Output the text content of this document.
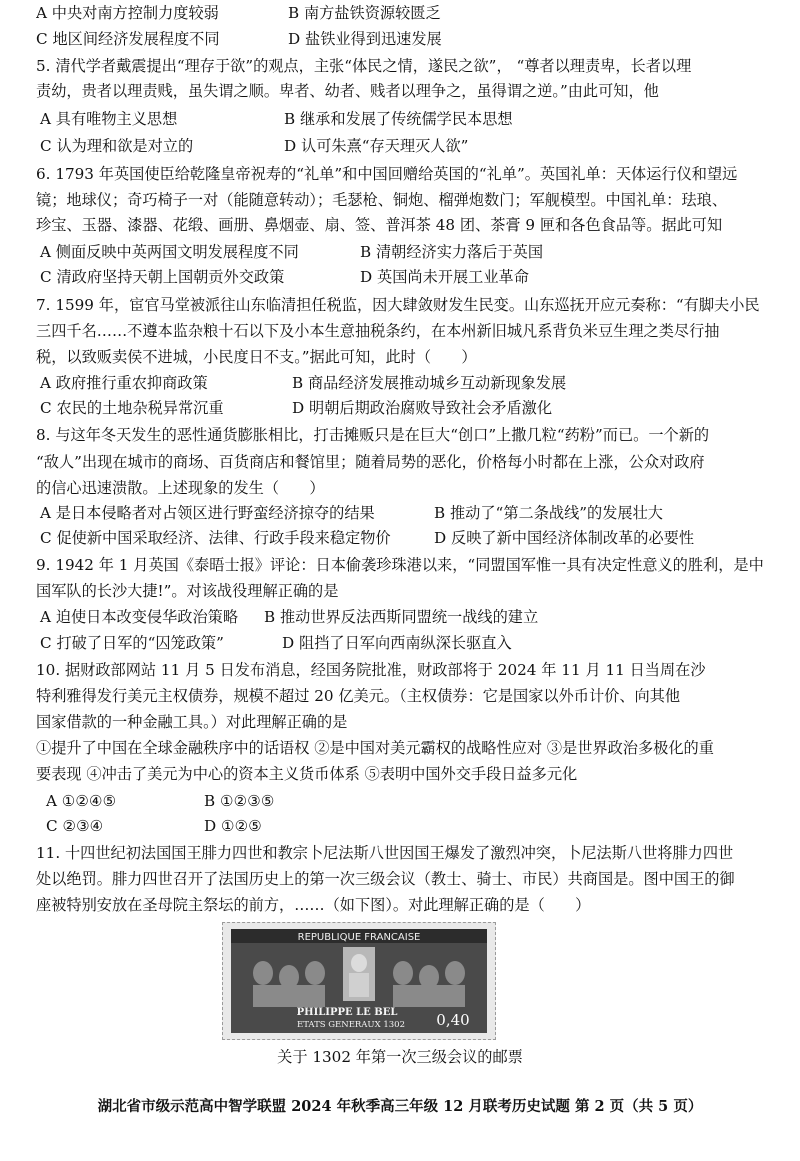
A 中央对南方控制力度较弱	B 南方盐铁资源较匮乏
C 地区间经济发展程度不同	D 盐铁业得到迅速发展
5. 清代学者戴震提出“理存于欲”的观点，主张“体民之情，遂民之欲”， “尊者以理责卑，长者以理
责幼，贵者以理责贱，虽失谓之顺。卑者、幼者、贱者以理争之，虽得谓之逆。”由此可知，他
A 具有唯物主义思想	B 继承和发展了传统儒学民本思想
C 认为理和欲是对立的	D 认可朱熹“存天理灭人欲”
6. 1793 年英国使臣给乾隆皇帝祝寿的“礼单”和中国回赠给英国的“礼单”。英国礼单：天体运行仪和望远
镜；地球仪；奇巧椅子一对（能随意转动）；毛瑟枪、铜炮、榴弹炮数门；军舰模型。中国礼单：珐琅、
珍宝、玉器、漆器、花缎、画册、鼻烟壶、扇、签、普洱茶 48 团、茶膏 9 匣和各色食品等。据此可知
A 侧面反映中英两国文明发展程度不同	B 清朝经济实力落后于英国
C 清政府坚持天朝上国朝贡外交政策	D 英国尚未开展工业革命
7. 1599 年，宦官马堂被派往山东临清担任税监，因大肆敛财发生民变。山东巡抚开应元奏称：“有脚夫小民
三四千名……不遵本监杂粮十石以下及小本生意抽税条约，在本州新旧城凡系背负米豆生理之类尽行抽
税，以致贩卖侯不进城，小民度日不支。”据此可知，此时（　　）
A 政府推行重农抑商政策	B 商品经济发展推动城乡互动新现象发展
C 农民的土地杂税异常沉重	D 明朝后期政治腐败导致社会矛盾激化
8. 与这年冬天发生的恶性通货膨胀相比，打击摊贩只是在巨大“创口”上撒几粒“药粉”而已。一个新的
“敌人”出现在城市的商场、百货商店和餐馆里；随着局势的恶化，价格每小时都在上涨，公众对政府
的信心迅速溃散。上述现象的发生（　　）
A 是日本侵略者对占领区进行野蛮经济掠夺的结果	B 推动了“第二条战线”的发展壮大
C 促使新中国采取经济、法律、行政手段来稳定物价	D 反映了新中国经济体制改革的必要性
9. 1942 年 1 月英国《泰晤士报》评论：日本偷袭珍珠港以来，“同盟国军惟一具有决定性意义的胜利，是中
国军队的长沙大捷!”。对该战役理解正确的是
A 迫使日本改变侵华政治策略 B 推动世界反法西斯同盟统一战线的建立
C 打破了日军的“囚笼政策”	D 阻挡了日军向西南纵深长驱直入
10. 据财政部网站 11 月 5 日发布消息，经国务院批准，财政部将于 2024 年 11 月 11 日当周在沙
特利雅得发行美元主权债券，规模不超过 20 亿美元。（主权债券：它是国家以外币计价、向其他
国家借款的一种金融工具。）对此理解正确的是
①提升了中国在全球金融秩序中的话语权 ②是中国对美元霸权的战略性应对 ③是世界政治多极化的重
要表现 ④冲击了美元为中心的资本主义货币体系 ⑤表明中国外交手段日益多元化
A ①②④⑤	B ①②③⑤
C ②③④	D ①②⑤
11. 十四世纪初法国国王腓力四世和教宗卜尼法斯八世因国王爆发了激烈冲突，卜尼法斯八世将腓力四世
处以绝罚。腓力四世召开了法国历史上的第一次三级会议（教士、骑士、市民）共商国是。图中国王的御
座被特别安放在圣母院主祭坛的前方，……（如下图）。对此理解正确的是（　　）
REPUBLIQUE FRANCAISE
PHILIPPE LE BEL
ETATS GENERAUX 1302 0,40
关于 1302 年第一次三级会议的邮票
湖北省市级示范高中智学联盟 2024 年秋季高三年级 12 月联考历史试题 第 2 页（共 5 页）
